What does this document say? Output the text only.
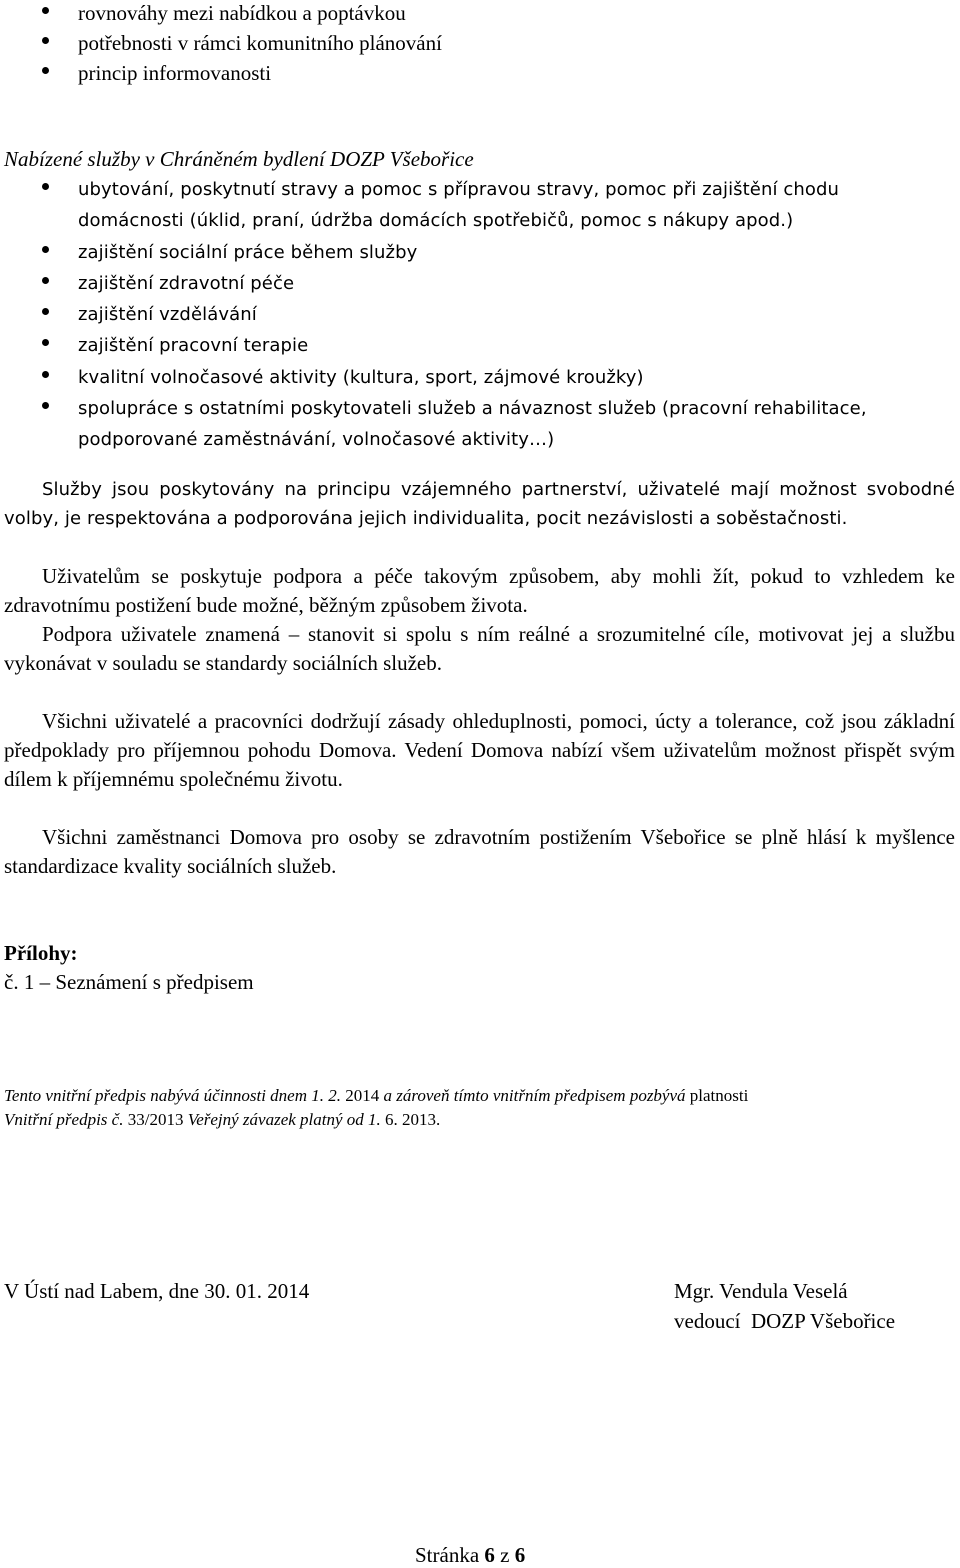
rovnováhy mezi nabídkou a poptávkou
potřebnosti v rámci komunitního plánování
princip informovanosti
Nabízené služby v Chráněném bydlení DOZP Všebořice
ubytování, poskytnutí stravy a pomoc s přípravou stravy, pomoc při zajištění chodu
domácnosti (úklid, praní, údržba domácích spotřebičů, pomoc s nákupy apod.)
zajištění sociální práce během služby
zajištění zdravotní péče
zajištění vzdělávání
zajištění pracovní terapie
kvalitní volnočasové aktivity (kultura, sport, zájmové kroužky)
spolupráce s ostatními poskytovateli služeb a návaznost služeb (pracovní rehabilitace,
podporované zaměstnávání, volnočasové aktivity…)

Služby jsou poskytovány na principu vzájemného partnerství, uživatelé mají možnost svobodné volby, je respektována a podporována jejich individualita, pocit nezávislosti a soběstačnosti.

Uživatelům se poskytuje podpora a péče takovým způsobem, aby mohli žít, pokud to vzhledem ke zdravotnímu postižení bude možné, běžným způsobem života.

Podpora uživatele znamená – stanovit si spolu s ním reálné a srozumitelné cíle, motivovat jej a službu vykonávat v souladu se standardy sociálních služeb.

Všichni uživatelé a pracovníci dodržují zásady ohleduplnosti, pomoci, úcty a tolerance, což jsou základní předpoklady pro příjemnou pohodu Domova. Vedení Domova nabízí všem uživatelům možnost přispět svým dílem k příjemnému společnému životu.

Všichni zaměstnanci Domova pro osoby se zdravotním postižením Všebořice se plně hlásí k myšlence standardizace kvality sociálních služeb.

Přílohy:
č. 1 – Seznámení s předpisem
Tento vnitřní předpis nabývá účinnosti dnem 1. 2. 2014 a zároveň tímto vnitřním předpisem pozbývá platnosti
Vnitřní předpis č. 33/2013 Veřejný závazek platný od 1. 6. 2013.
V Ústí nad Labem, dne 30. 01. 2014	Mgr. Vendula Veselá
vedoucí  DOZP Všebořice
Stránka 6 z 6
